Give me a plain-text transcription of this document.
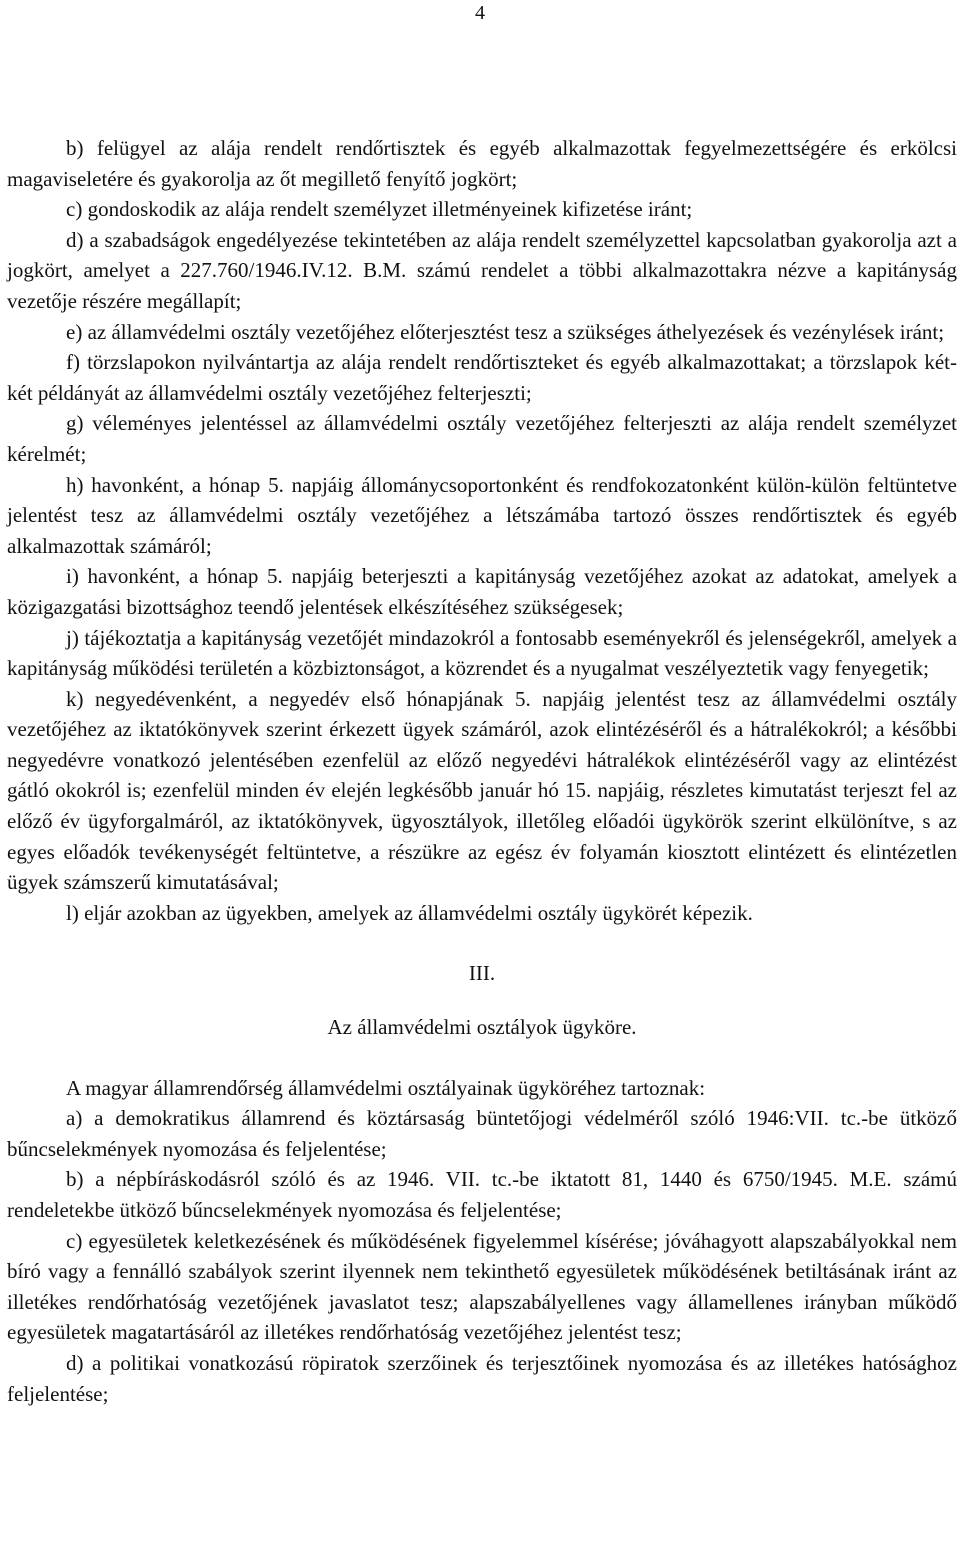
4

b) felügyel az alája rendelt rendőrtisztek és egyéb alkalmazottak fegyelmezettségére és erkölcsi magaviseletére és gyakorolja az őt megillető fenyítő jogkört;

c) gondoskodik az alája rendelt személyzet illetményeinek kifizetése iránt;

d) a szabadságok engedélyezése tekintetében az alája rendelt személyzettel kapcsolatban gyakorolja azt a jogkört, amelyet a 227.760/1946.IV.12. B.M. számú rendelet a többi alkalmazottakra nézve a kapitányság vezetője részére megállapít;

e) az államvédelmi osztály vezetőjéhez előterjesztést tesz a szükséges áthelyezések és vezénylések iránt;

f) törzslapokon nyilvántartja az alája rendelt rendőrtiszteket és egyéb alkalmazottakat; a törzslapok két-két példányát az államvédelmi osztály vezetőjéhez felterjeszti;

g) véleményes jelentéssel az államvédelmi osztály vezetőjéhez felterjeszti az alája rendelt személyzet kérelmét;

h) havonként, a hónap 5. napjáig állománycsoportonként és rendfokozatonként külön-külön feltüntetve jelentést tesz az államvédelmi osztály vezetőjéhez a létszámába tartozó összes rendőrtisztek és egyéb alkalmazottak számáról;

i) havonként, a hónap 5. napjáig beterjeszti a kapitányság vezetőjéhez azokat az adatokat, amelyek a közigazgatási bizottsághoz teendő jelentések elkészítéséhez szükségesek;

j) tájékoztatja a kapitányság vezetőjét mindazokról a fontosabb eseményekről és jelenségekről, amelyek a kapitányság működési területén a közbiztonságot, a közrendet és a nyugalmat veszélyeztetik vagy fenyegetik;

k) negyedévenként, a negyedév első hónapjának 5. napjáig jelentést tesz az államvédelmi osztály vezetőjéhez az iktatókönyvek szerint érkezett ügyek számáról, azok elintézéséről és a hátralékokról; a későbbi negyedévre vonatkozó jelentésében ezenfelül az előző negyedévi hátralékok elintézéséről vagy az elintézést gátló okokról is; ezenfelül minden év elején legkésőbb január hó 15. napjáig, részletes kimutatást terjeszt fel az előző év ügyforgalmáról, az iktatókönyvek, ügyosztályok, illetőleg előadói ügykörök szerint elkülönítve, s az egyes előadók tevékenységét feltüntetve, a részükre az egész év folyamán kiosztott elintézett és elintézetlen ügyek számszerű kimutatásával;

l) eljár azokban az ügyekben, amelyek az államvédelmi osztály ügykörét képezik.

III.

Az államvédelmi osztályok ügyköre.

A magyar államrendőrség államvédelmi osztályainak ügyköréhez tartoznak:

a) a demokratikus államrend és köztársaság büntetőjogi védelméről szóló 1946:VII. tc.-be ütköző bűncselekmények nyomozása és feljelentése;

b) a népbíráskodásról szóló és az 1946. VII. tc.-be iktatott 81, 1440 és 6750/1945. M.E. számú rendeletekbe ütköző bűncselekmények nyomozása és feljelentése;

c) egyesületek keletkezésének és működésének figyelemmel kísérése; jóváhagyott alapszabályokkal nem bíró vagy a fennálló szabályok szerint ilyennek nem tekinthető egyesületek működésének betiltásának iránt az illetékes rendőrhatóság vezetőjének javaslatot tesz; alapszabályellenes vagy államellenes irányban működő egyesületek magatartásáról az illetékes rendőrhatóság vezetőjéhez jelentést tesz;

d) a politikai vonatkozású röpiratok szerzőinek és terjesztőinek nyomozása és az illetékes hatósághoz feljelentése;
